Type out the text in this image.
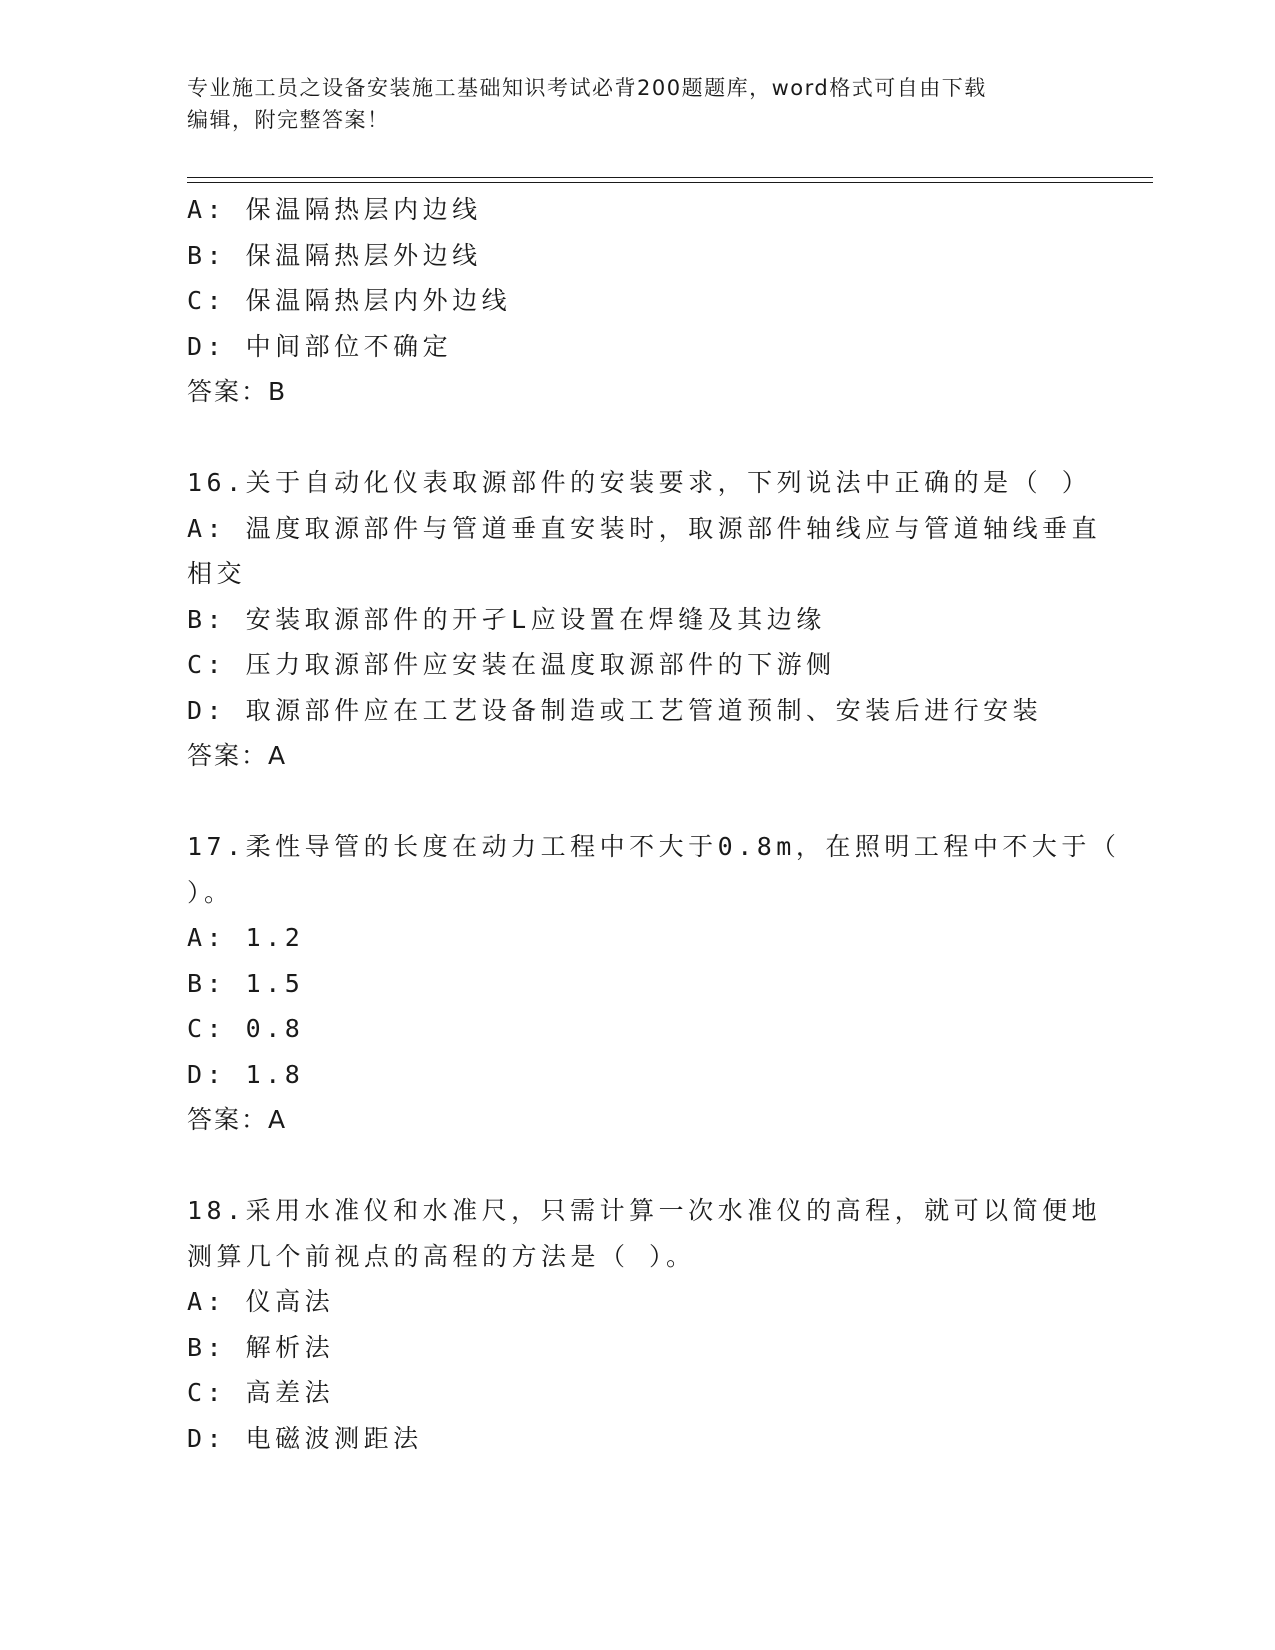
专业施工员之设备安装施工基础知识考试必背200题题库，word格式可自由下载
编辑，附完整答案！
A: 保温隔热层内边线
B: 保温隔热层外边线
C: 保温隔热层内外边线
D: 中间部位不确定
答案：B
16.关于自动化仪表取源部件的安装要求，下列说法中正确的是（ ）
A: 温度取源部件与管道垂直安装时，取源部件轴线应与管道轴线垂直
相交
B: 安装取源部件的开孑L应设置在焊缝及其边缘
C: 压力取源部件应安装在温度取源部件的下游侧
D: 取源部件应在工艺设备制造或工艺管道预制、安装后进行安装
答案：A
17.柔性导管的长度在动力工程中不大于0.8m，在照明工程中不大于（
）。
A: 1.2
B: 1.5
C: 0.8
D: 1.8
答案：A
18.采用水准仪和水准尺，只需计算一次水准仪的高程，就可以简便地
测算几个前视点的高程的方法是（ ）。
A: 仪高法
B: 解析法
C: 高差法
D: 电磁波测距法
